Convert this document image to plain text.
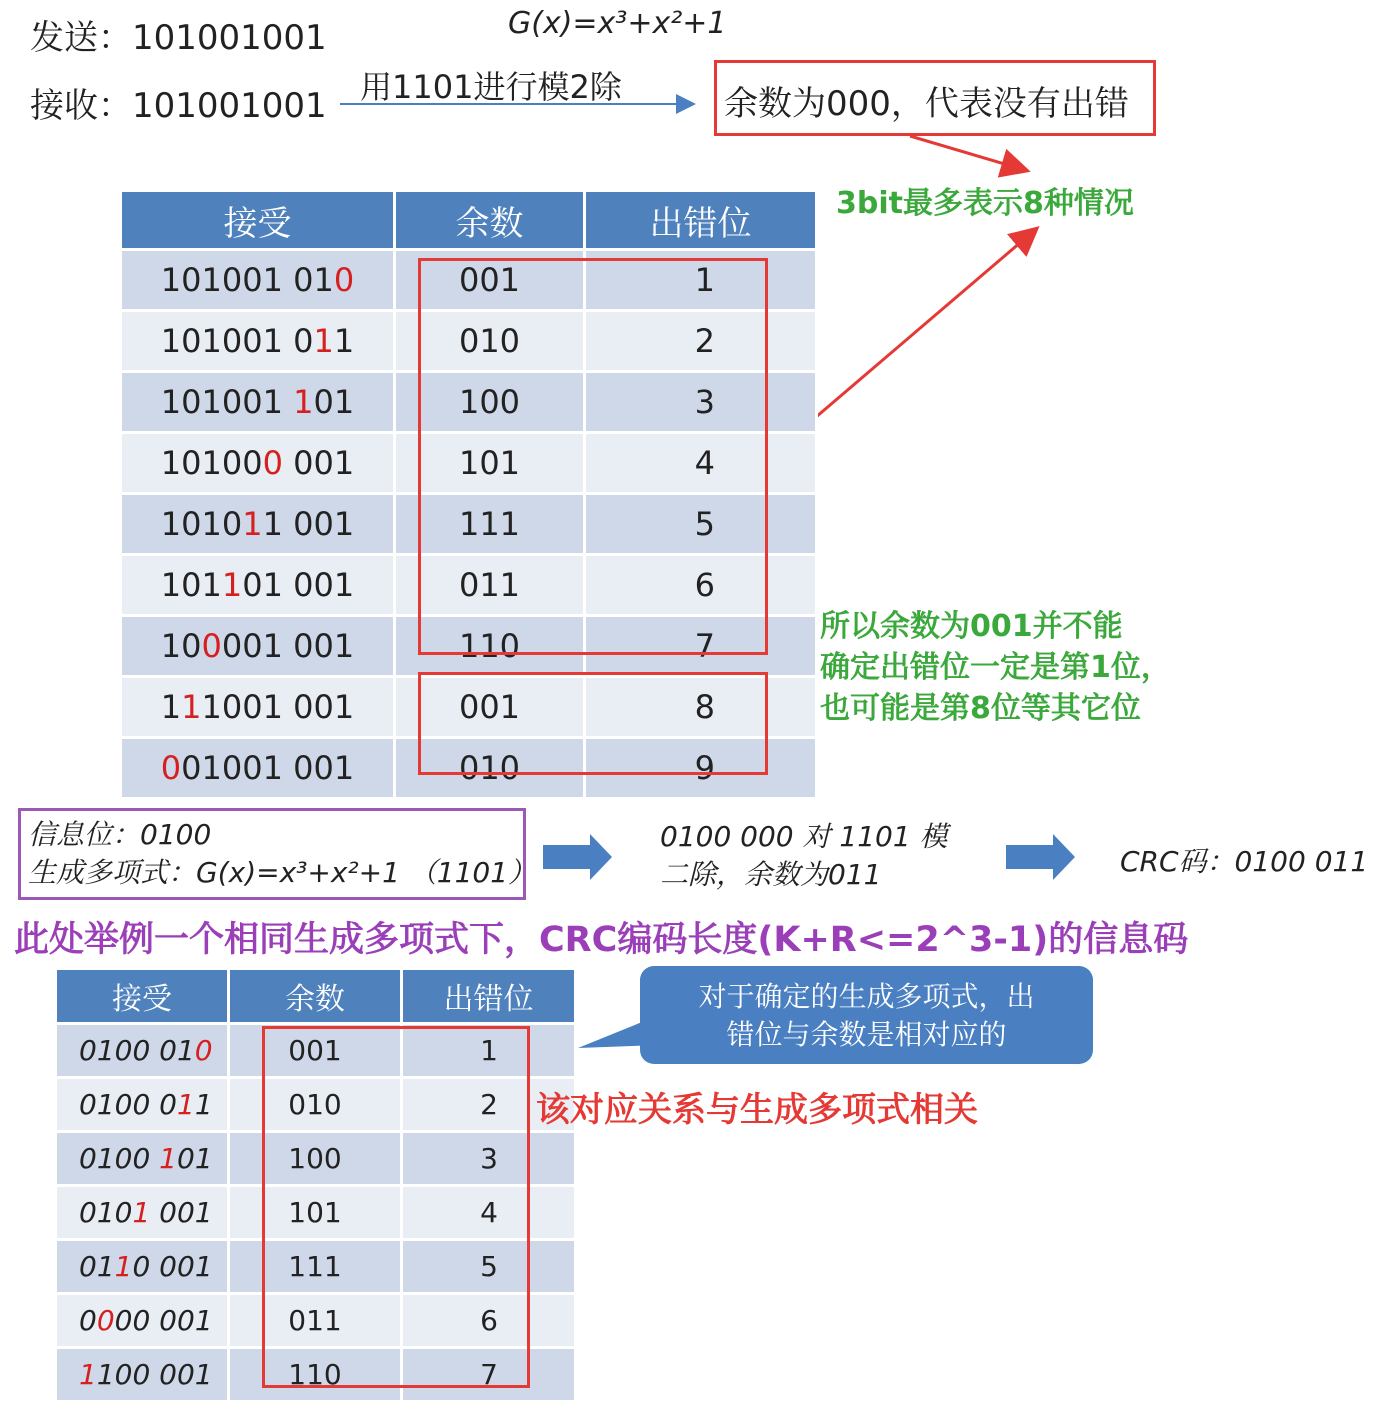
发送：101001001	G(x)=x³+x²+1
接收：101001001 用1101进行模2除	余数为000，代表没有出错
3bit最多表示8种情况
接受	余数	出错位
101001 010	001	1
101001 011	010	2
101001 101	100	3
101000 001	101	4
101011 001	111	5
101101 001	011	6
100001 001	110	7
111001 001	001	8
001001 001	010	9
所以余数为001并不能
确定出错位一定是第1位，
也可能是第8位等其它位
信息位：0100
生成多项式：G(x)=x³+x²+1 （1101）
0100 000 对 1101 模
二除，余数为011	CRC码：0100 011
此处举例一个相同生成多项式下，CRC编码长度(K+R<=2^3-1)的信息码
接受	余数	出错位
0100 010	001	1
0100 011	010	2
0100 101	100	3
0101 001	101	4
0110 001	111	5
0000 001	011	6
1100 001	110	7
对于确定的生成多项式，出
错位与余数是相对应的
该对应关系与生成多项式相关
